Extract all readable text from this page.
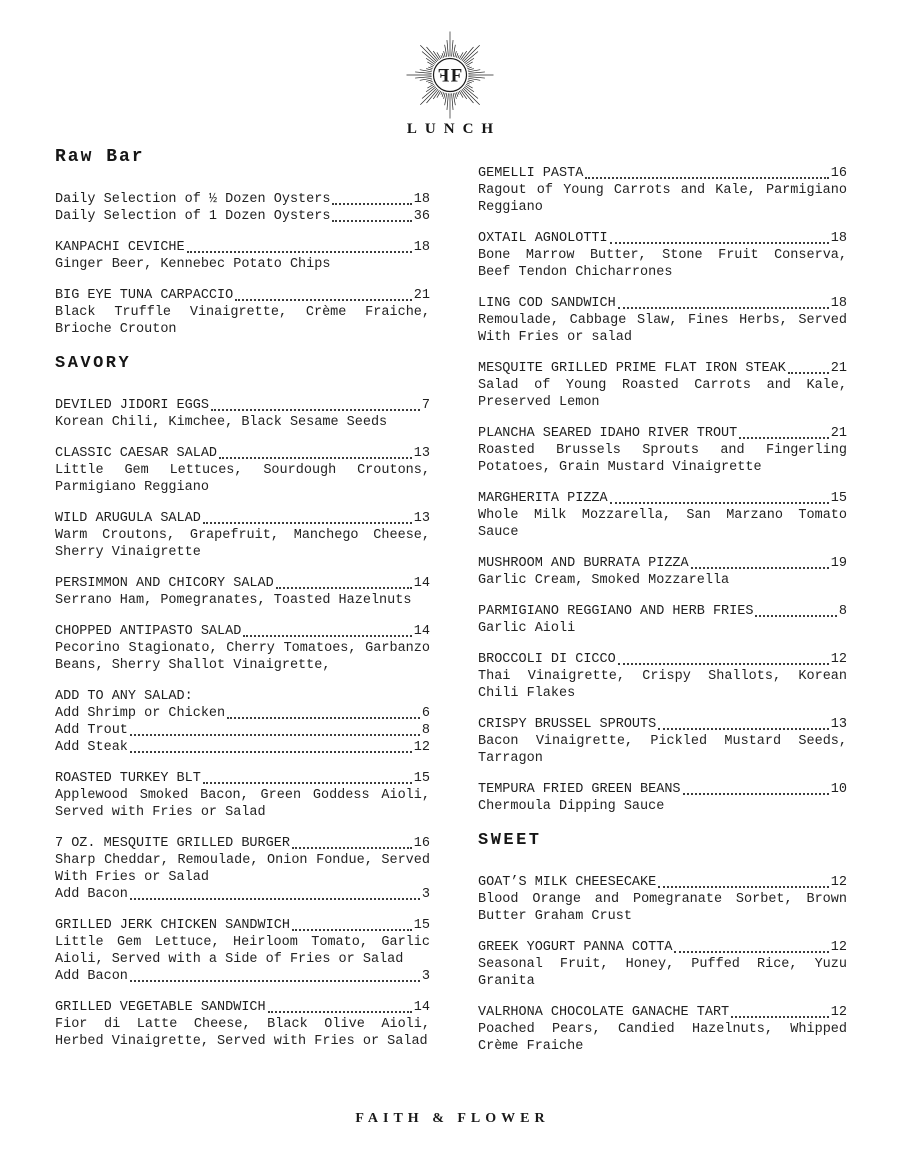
F F
LUNCH
Raw Bar
Daily Selection of ½ Dozen Oysters	18
Daily Selection of 1 Dozen Oysters	36
KANPACHI CEVICHE	18
Ginger Beer, Kennebec Potato Chips
BIG EYE TUNA CARPACCIO	21
Black Truffle Vinaigrette, Crème Fraiche, Brioche Crouton
SAVORY
DEVILED JIDORI EGGS	7
Korean Chili, Kimchee, Black Sesame Seeds
CLASSIC CAESAR SALAD	13
Little Gem Lettuces, Sourdough Croutons, Parmigiano Reggiano
WILD ARUGULA SALAD	13
Warm Croutons, Grapefruit, Manchego Cheese, Sherry Vinaigrette
PERSIMMON AND CHICORY SALAD	14
Serrano Ham, Pomegranates, Toasted Hazelnuts
CHOPPED ANTIPASTO SALAD	14
Pecorino Stagionato, Cherry Tomatoes, Garbanzo Beans, Sherry Shallot Vinaigrette,
ADD TO ANY SALAD:
Add Shrimp or Chicken	6
Add Trout	8
Add Steak	12
ROASTED TURKEY BLT	15
Applewood Smoked Bacon, Green Goddess Aioli, Served with Fries or Salad
7 OZ. MESQUITE GRILLED BURGER	16
Sharp Cheddar, Remoulade, Onion Fondue, Served With Fries or Salad
Add Bacon	3
GRILLED JERK CHICKEN SANDWICH	15
Little Gem Lettuce, Heirloom Tomato, Garlic Aioli, Served with a Side of Fries or Salad
Add Bacon	3
GRILLED VEGETABLE SANDWICH	14
Fior di Latte Cheese, Black Olive Aioli, Herbed Vinaigrette, Served with Fries or Salad
GEMELLI PASTA	16
Ragout of Young Carrots and Kale, Parmigiano Reggiano
OXTAIL AGNOLOTTI	18
Bone Marrow Butter, Stone Fruit Conserva, Beef Tendon Chicharrones
LING COD SANDWICH	18
Remoulade, Cabbage Slaw, Fines Herbs, Served With Fries or salad
MESQUITE GRILLED PRIME FLAT IRON STEAK	21
Salad of Young Roasted Carrots and Kale, Preserved Lemon
PLANCHA SEARED IDAHO RIVER TROUT	21
Roasted Brussels Sprouts and Fingerling Potatoes, Grain Mustard Vinaigrette
MARGHERITA PIZZA	15
Whole Milk Mozzarella, San Marzano Tomato Sauce
MUSHROOM AND BURRATA PIZZA	19
Garlic Cream, Smoked Mozzarella
PARMIGIANO REGGIANO AND HERB FRIES	8
Garlic Aioli
BROCCOLI DI CICCO	12
Thai Vinaigrette, Crispy Shallots, Korean Chili Flakes
CRISPY BRUSSEL SPROUTS	13
Bacon Vinaigrette, Pickled Mustard Seeds, Tarragon
TEMPURA FRIED GREEN BEANS	10
Chermoula Dipping Sauce
SWEET
GOAT’S MILK CHEESECAKE	12
Blood Orange and Pomegranate Sorbet, Brown Butter Graham Crust
GREEK YOGURT PANNA COTTA	12
Seasonal Fruit, Honey, Puffed Rice, Yuzu Granita
VALRHONA CHOCOLATE GANACHE TART	12
Poached Pears, Candied Hazelnuts, Whipped Crème Fraiche
FAITH & FLOWER
